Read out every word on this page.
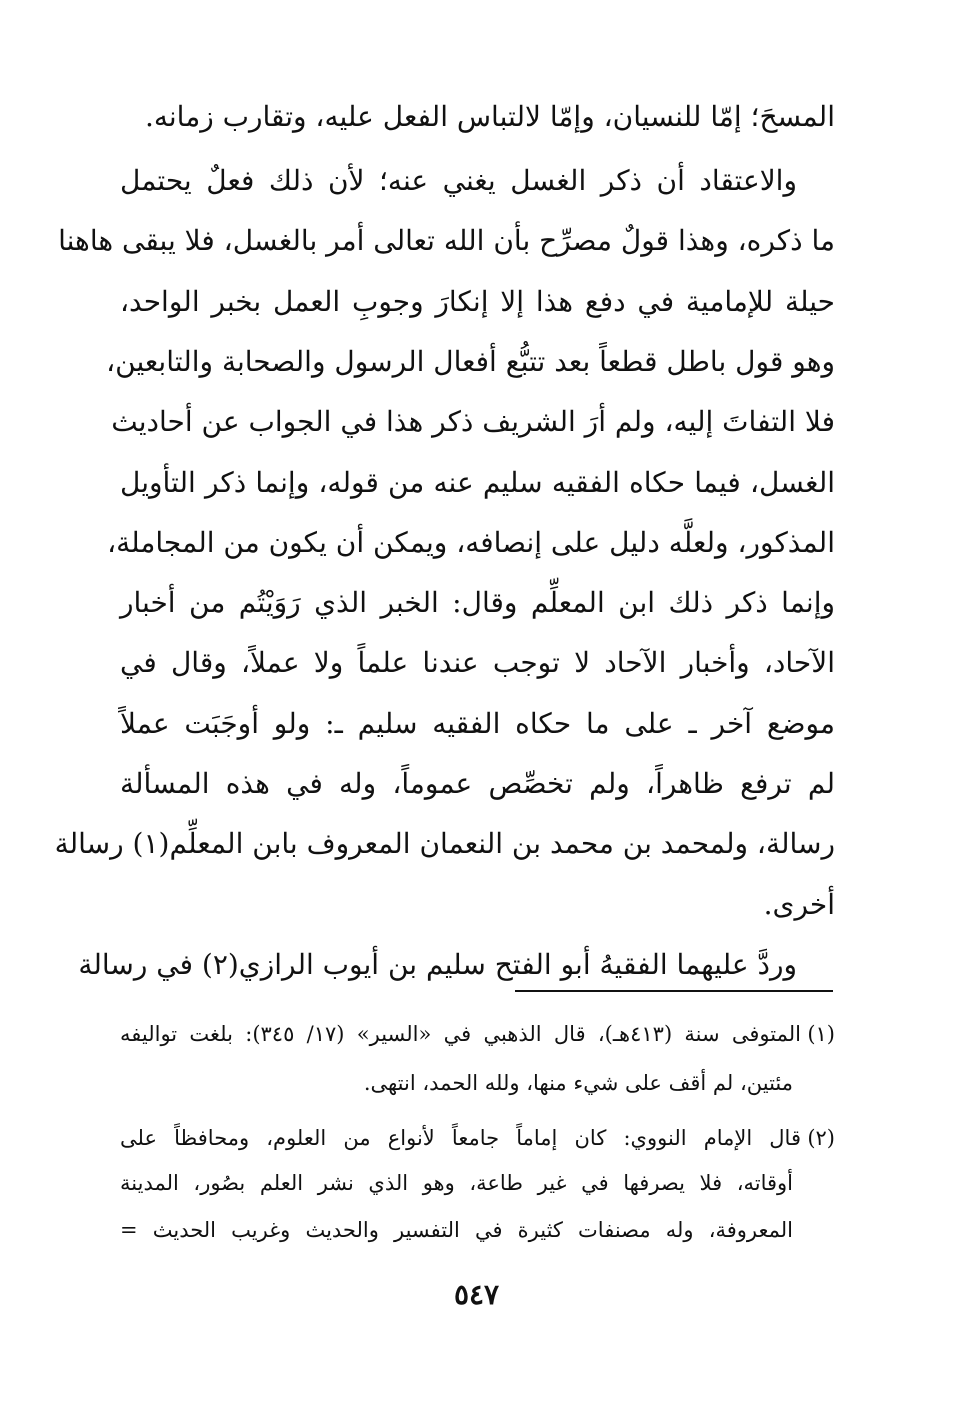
المسحَ؛ إمّا للنسيان، وإمّا لالتباس الفعل عليه، وتقارب زمانه.
والاعتقاد أن ذكر الغسل يغني عنه؛ لأن ذلك فعلٌ يحتمل
ما ذكره، وهذا قولٌ مصرِّح بأن الله تعالى أمر بالغسل، فلا يبقى هاهنا
حيلة للإمامية في دفع هذا إلا إنكارَ وجوبِ العمل بخبر الواحد،
وهو قول باطل قطعاً بعد تتبُّع أفعال الرسول والصحابة والتابعين،
فلا التفاتَ إليه، ولم أرَ الشريف ذكر هذا في الجواب عن أحاديث
الغسل، فيما حكاه الفقيه سليم عنه من قوله، وإنما ذكر التأويل
المذكور، ولعلَّه دليل على إنصافه، ويمكن أن يكون من المجاملة،
وإنما ذكر ذلك ابن المعلِّم وقال: الخبر الذي رَوَيْتُم من أخبار
الآحاد، وأخبار الآحاد لا توجب عندنا علماً ولا عملاً، وقال في
موضع آخر ـ على ما حكاه الفقيه سليم ـ: ولو أوجَبَت عملاً
لم ترفع ظاهراً، ولم تخصِّص عموماً، وله في هذه المسألة
رسالة، ولمحمد بن محمد بن النعمان المعروف بابن المعلِّم(١) رسالة
أخرى.
وردَّ عليهما الفقيهُ أبو الفتح سليم بن أيوب الرازي(٢) في رسالة
(١)المتوفى سنة (٤١٣هـ)، قال الذهبي في «السير» (١٧/ ٣٤٥): بلغت تواليفه
مئتين، لم أقف على شيء منها، ولله الحمد، انتهى.
(٢)قال الإمام النووي: كان إماماً جامعاً لأنواع من العلوم، ومحافظاً على
أوقاته، فلا يصرفها في غير طاعة، وهو الذي نشر العلم بصُور، المدينة
المعروفة، وله مصنفات كثيرة في التفسير والحديث وغريب الحديث =
٥٤٧
